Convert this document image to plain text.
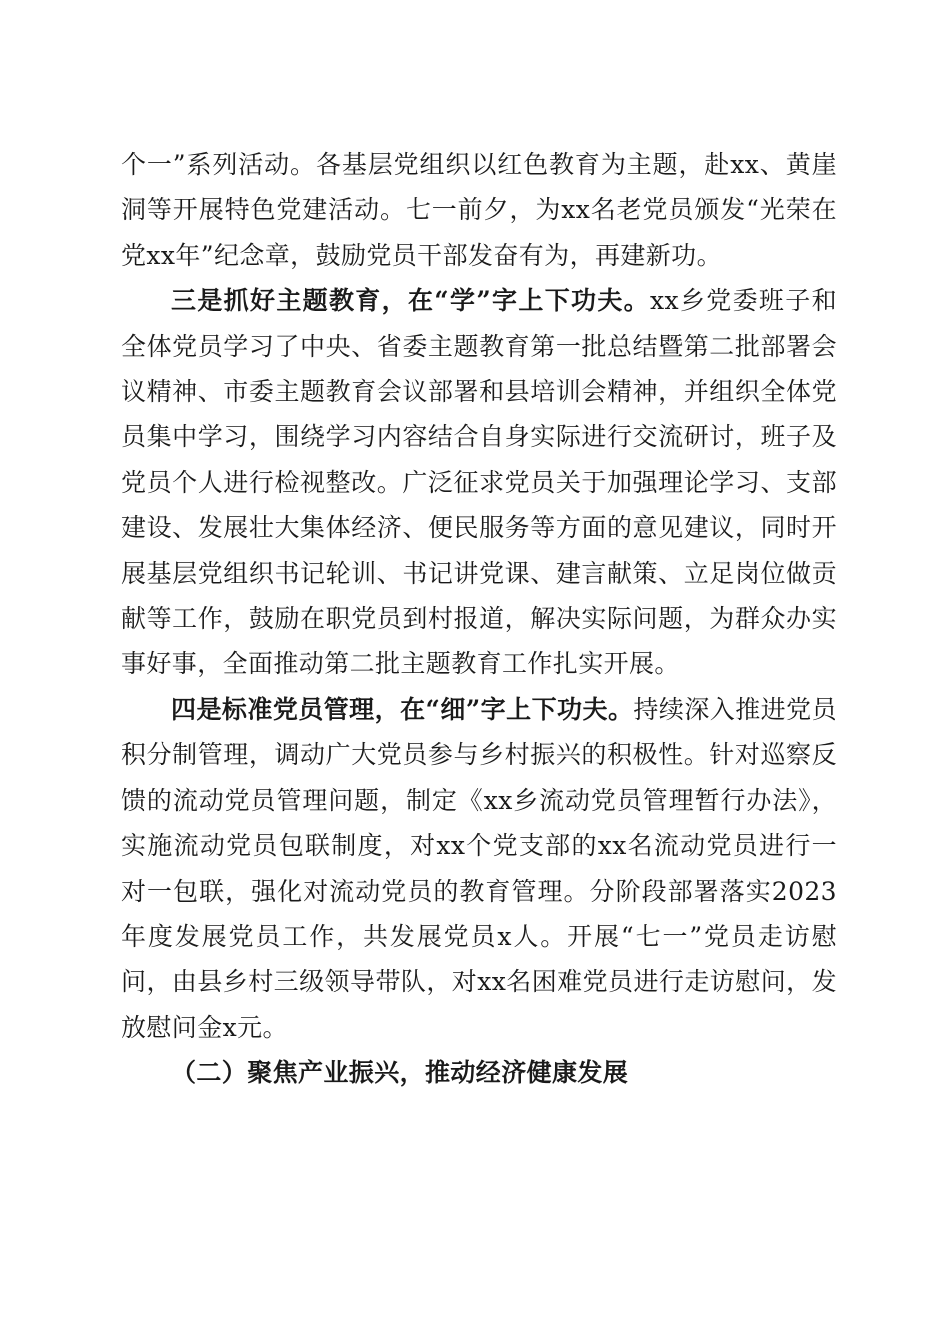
个一”系列活动。各基层党组织以红色教育为主题，赴xx、黄崖洞等开展特色党建活动。七一前夕，为xx名老党员颁发“光荣在党xx年”纪念章，鼓励党员干部发奋有为，再建新功。

三是抓好主题教育，在“学”字上下功夫。xx乡党委班子和全体党员学习了中央、省委主题教育第一批总结暨第二批部署会议精神、市委主题教育会议部署和县培训会精神，并组织全体党员集中学习，围绕学习内容结合自身实际进行交流研讨，班子及党员个人进行检视整改。广泛征求党员关于加强理论学习、支部建设、发展壮大集体经济、便民服务等方面的意见建议，同时开展基层党组织书记轮训、书记讲党课、建言献策、立足岗位做贡献等工作，鼓励在职党员到村报道，解决实际问题，为群众办实事好事，全面推动第二批主题教育工作扎实开展。

四是标准党员管理，在“细”字上下功夫。持续深入推进党员积分制管理，调动广大党员参与乡村振兴的积极性。针对巡察反馈的流动党员管理问题，制定《xx乡流动党员管理暂行办法》，实施流动党员包联制度，对xx个党支部的xx名流动党员进行一对一包联，强化对流动党员的教育管理。分阶段部署落实2023年度发展党员工作，共发展党员x人。开展“七一”党员走访慰问，由县乡村三级领导带队，对xx名困难党员进行走访慰问，发放慰问金x元。

（二）聚焦产业振兴，推动经济健康发展
